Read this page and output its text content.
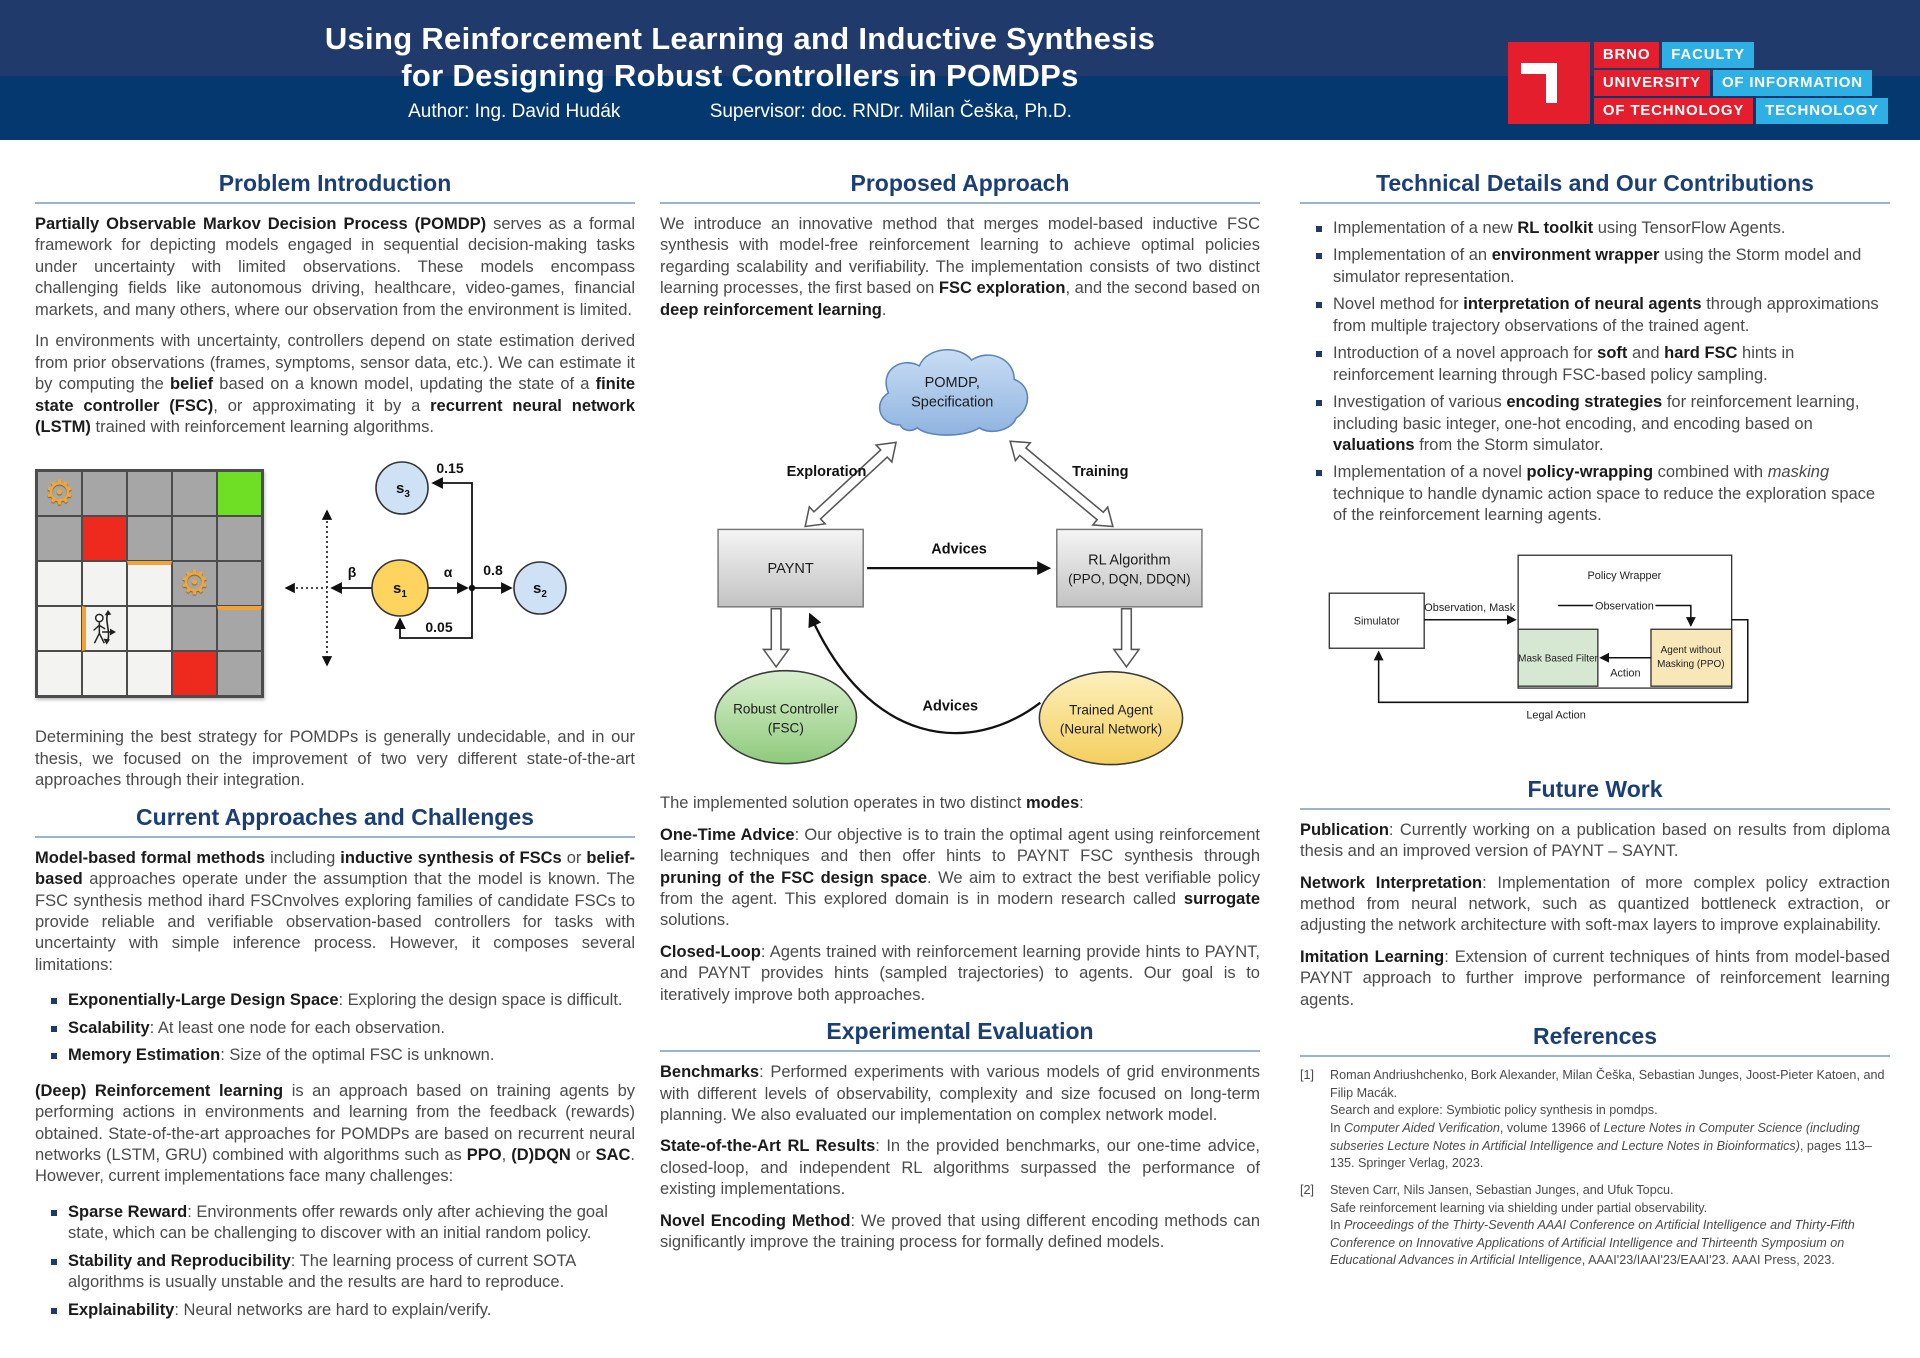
Using Reinforcement Learning and Inductive Synthesis
for Designing Robust Controllers in POMDPs
Author: Ing. David Hudák	Supervisor: doc. RNDr. Milan Češka, Ph.D.
BRNO	FACULTY
UNIVERSITY	OF INFORMATION
OF TECHNOLOGY	TECHNOLOGY
Problem Introduction

Partially Observable Markov Decision Process (POMDP) serves as a formal framework for depicting models engaged in sequential decision-making tasks under uncertainty with limited observations. These models encompass challenging fields like autonomous driving, healthcare, video-games, financial markets, and many others, where our observation from the environment is limited.

In environments with uncertainty, controllers depend on state estimation derived from prior observations (frames, symptoms, sensor data, etc.). We can estimate it by computing the belief based on a known model, updating the state of a finite state controller (FSC), or approximating it by a recurrent neural network (LSTM) trained with reinforcement learning algorithms.

⚙
⚙
$s_3$
$s_1$	$s_2$
0.15
0.8
0.05
α
β

Determining the best strategy for POMDPs is generally undecidable, and in our thesis, we focused on the improvement of two very different state-of-the-art approaches through their integration.

Current Approaches and Challenges

Model-based formal methods including inductive synthesis of FSCs or belief-based approaches operate under the assumption that the model is known. The FSC synthesis method ihard FSCnvolves exploring families of candidate FSCs to provide reliable and verifiable observation-based controllers for tasks with uncertainty with simple inference process. However, it composes several limitations:

Exponentially-Large Design Space: Exploring the design space is difficult.
Scalability: At least one node for each observation.
Memory Estimation: Size of the optimal FSC is unknown.

(Deep) Reinforcement learning is an approach based on training agents by performing actions in environments and learning from the feedback (rewards) obtained. State-of-the-art approaches for POMDPs are based on recurrent neural networks (LSTM, GRU) combined with algorithms such as PPO, (D)DQN or SAC. However, current implementations face many challenges:

Sparse Reward: Environments offer rewards only after achieving the goal state, which can be challenging to discover with an initial random policy.
Stability and Reproducibility: The learning process of current SOTA algorithms is usually unstable and the results are hard to reproduce.
Explainability: Neural networks are hard to explain/verify.
Proposed Approach

We introduce an innovative method that merges model-based inductive FSC synthesis with model-free reinforcement learning to achieve optimal policies regarding scalability and verifiability. The implementation consists of two distinct learning processes, the first based on FSC exploration, and the second based on deep reinforcement learning.

POMDP,
Specification
Exploration	Training
PAYNT
RL Algorithm
(PPO, DQN, DDQN)
Advices
Robust Controller
(FSC)
Trained Agent
(Neural Network)
Advices

The implemented solution operates in two distinct modes:

One-Time Advice: Our objective is to train the optimal agent using reinforcement learning techniques and then offer hints to PAYNT FSC synthesis through pruning of the FSC design space. We aim to extract the best verifiable policy from the agent. This explored domain is in modern research called surrogate solutions.

Closed-Loop: Agents trained with reinforcement learning provide hints to PAYNT, and PAYNT provides hints (sampled trajectories) to agents. Our goal is to iteratively improve both approaches.

Experimental Evaluation

Benchmarks: Performed experiments with various models of grid environments with different levels of observability, complexity and size focused on long-term planning. We also evaluated our implementation on complex network model.

State-of-the-Art RL Results: In the provided benchmarks, our one-time advice, closed-loop, and independent RL algorithms surpassed the performance of existing implementations.

Novel Encoding Method: We proved that using different encoding methods can significantly improve the training process for formally defined models.

Technical Details and Our Contributions
Implementation of a new RL toolkit using TensorFlow Agents.
Implementation of an environment wrapper using the Storm model and simulator representation.
Novel method for interpretation of neural agents through approximations from multiple trajectory observations of the trained agent.
Introduction of a novel approach for soft and hard FSC hints in reinforcement learning through FSC-based policy sampling.
Investigation of various encoding strategies for reinforcement learning, including basic integer, one-hot encoding, and encoding based on valuations from the Storm simulator.
Implementation of a novel policy-wrapping combined with masking technique to handle dynamic action space to reduce the exploration space of the reinforcement learning agents.
Simulator
Policy Wrapper
Observation, Mask	Observation
Mask Based Filter
Agent without
Masking (PPO)
Action
Legal Action
Future Work

Publication: Currently working on a publication based on results from diploma thesis and an improved version of PAYNT – SAYNT.

Network Interpretation: Implementation of more complex policy extraction method from neural network, such as quantized bottleneck extraction, or adjusting the network architecture with soft-max layers to improve explainability.

Imitation Learning: Extension of current techniques of hints from model-based PAYNT approach to further improve performance of reinforcement learning agents.

References
[1]	Roman Andriushchenko, Bork Alexander, Milan Češka, Sebastian Junges, Joost-Pieter Katoen, and Filip Macák.
Search and explore: Symbiotic policy synthesis in pomdps.
In Computer Aided Verification, volume 13966 of Lecture Notes in Computer Science (including subseries Lecture Notes in Artificial Intelligence and Lecture Notes in Bioinformatics), pages 113–135. Springer Verlag, 2023.
[2]	Steven Carr, Nils Jansen, Sebastian Junges, and Ufuk Topcu.
Safe reinforcement learning via shielding under partial observability.
In Proceedings of the Thirty-Seventh AAAI Conference on Artificial Intelligence and Thirty-Fifth Conference on Innovative Applications of Artificial Intelligence and Thirteenth Symposium on Educational Advances in Artificial Intelligence, AAAI'23/IAAI'23/EAAI'23. AAAI Press, 2023.
